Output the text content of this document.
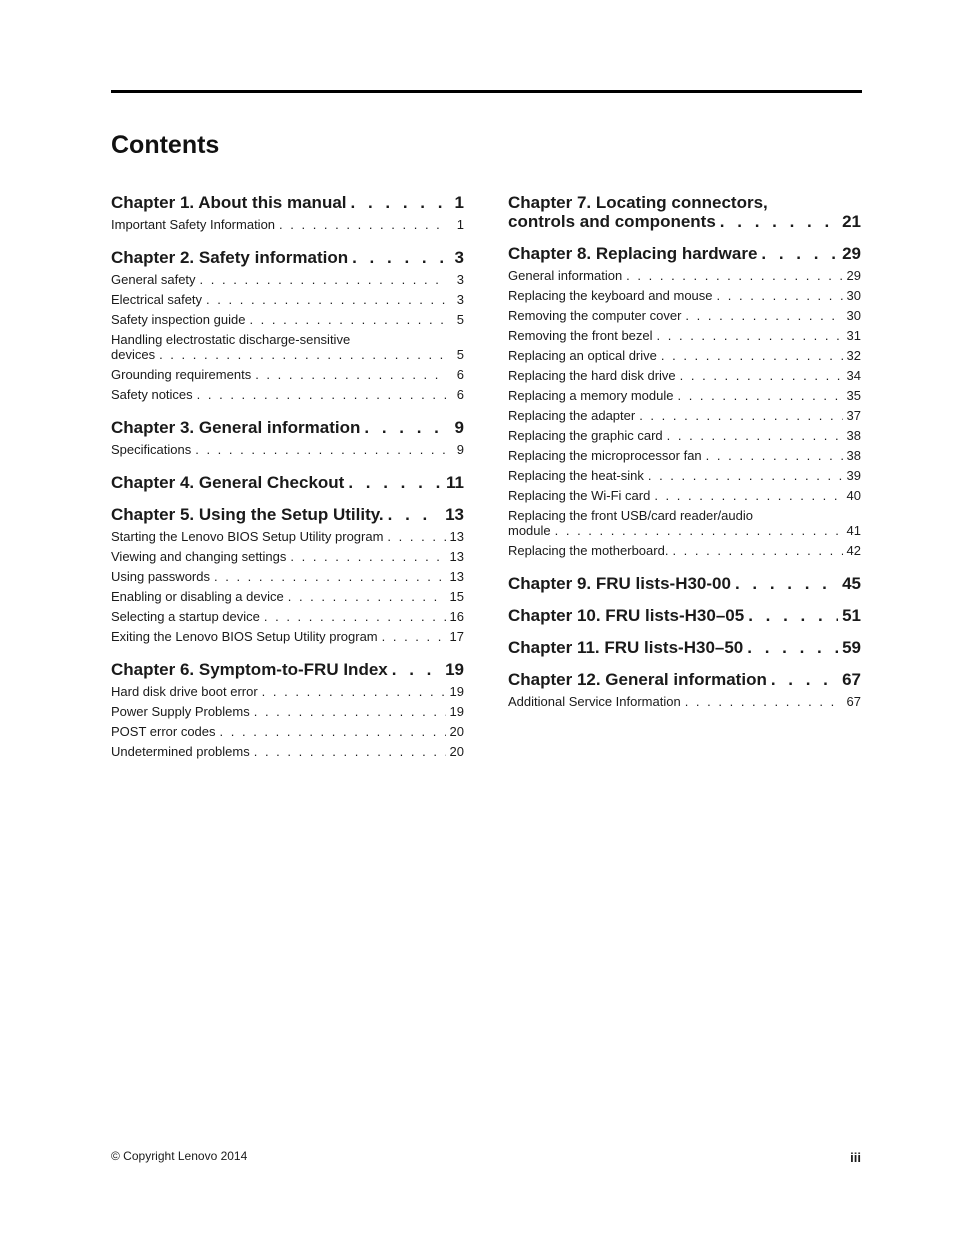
Contents
Chapter 1. About this manual . . .	1
Important Safety Information . . .	1
Chapter 2. Safety information . . .	3
General safety . . .	3
Electrical safety . . .	3
Safety inspection guide . . .	5
Handling electrostatic discharge-sensitive
devices . . .	5
Grounding requirements . . .	6
Safety notices . . .	6
Chapter 3. General information . . .	9
Specifications . . .	9
Chapter 4. General Checkout . . .	11
Chapter 5. Using the Setup Utility. . . .	13
Starting the Lenovo BIOS Setup Utility program . . .	13
Viewing and changing settings . . .	13
Using passwords . . .	13
Enabling or disabling a device . . .	15
Selecting a startup device . . .	16
Exiting the Lenovo BIOS Setup Utility program . . .	17
Chapter 6. Symptom-to-FRU Index . . .	19
Hard disk drive boot error . . .	19
Power Supply Problems . . .	19
POST error codes . . .	20
Undetermined problems . . .	20
Chapter 7. Locating connectors,
controls and components . . .	21
Chapter 8. Replacing hardware . . .	29
General information . . .	29
Replacing the keyboard and mouse . . .	30
Removing the computer cover . . .	30
Removing the front bezel . . .	31
Replacing an optical drive . . .	32
Replacing the hard disk drive . . .	34
Replacing a memory module . . .	35
Replacing the adapter . . .	37
Replacing the graphic card . . .	38
Replacing the microprocessor fan . . .	38
Replacing the heat-sink . . .	39
Replacing the Wi-Fi card . . .	40
Replacing the front USB/card reader/audio
module . . .	41
Replacing the motherboard. . . .	42
Chapter 9. FRU lists-H30-00 . . .	45
Chapter 10. FRU lists-H30–05 . . .	51
Chapter 11. FRU lists-H30–50 . . .	59
Chapter 12. General information . . .	67
Additional Service Information . . .	67
© Copyright Lenovo 2014	iii
